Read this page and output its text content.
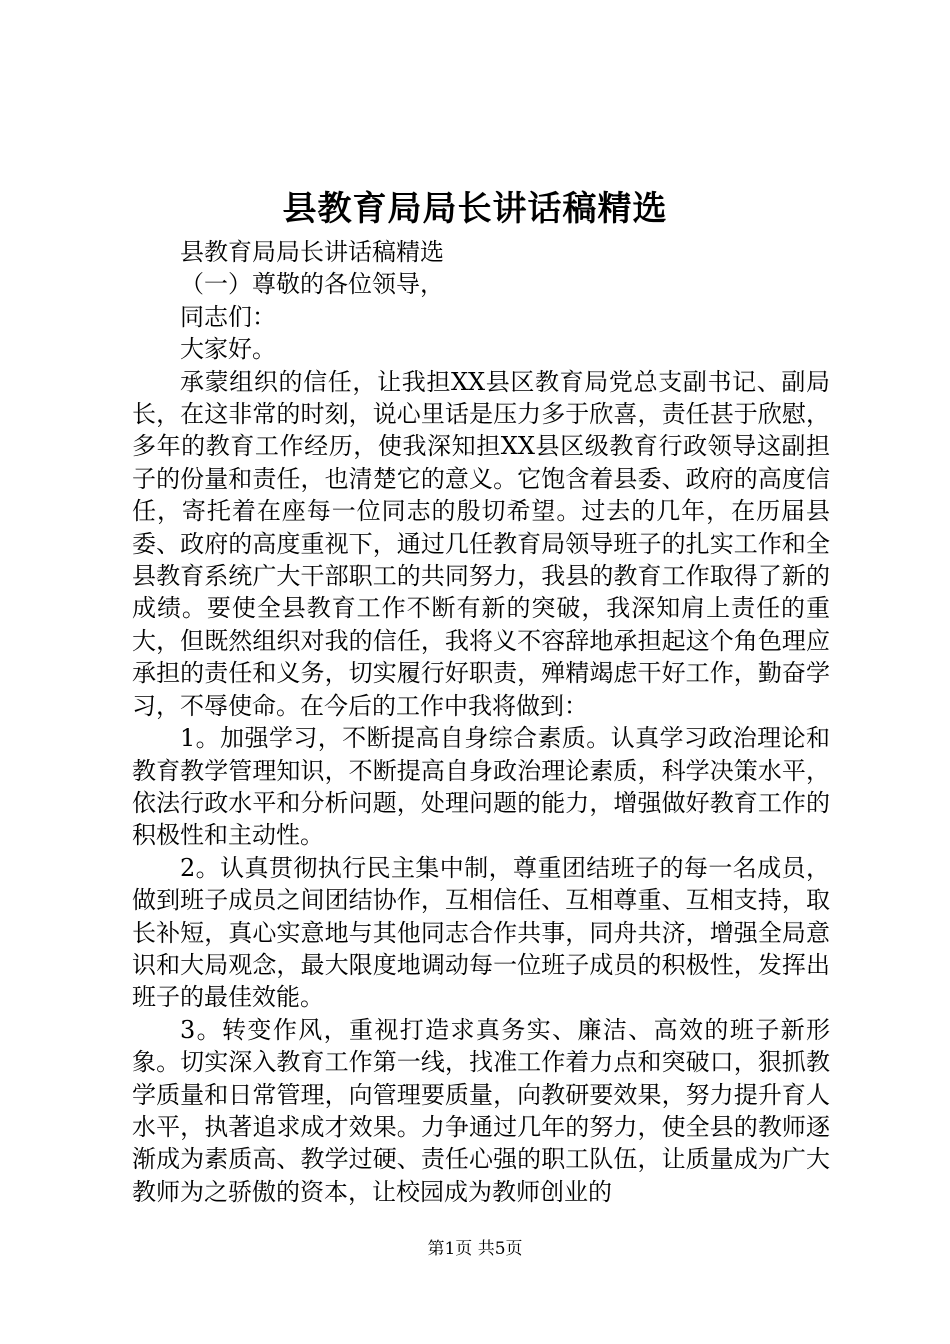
县教育局局长讲话稿精选

县教育局局长讲话稿精选

（一）尊敬的各位领导，

同志们：

大家好。

承蒙组织的信任，让我担XX县区教育局党总支副书记、副局长，在这非常的时刻，说心里话是压力多于欣喜，责任甚于欣慰，多年的教育工作经历，使我深知担XX县区级教育行政领导这副担子的份量和责任，也清楚它的意义。它饱含着县委、政府的高度信任，寄托着在座每一位同志的殷切希望。过去的几年，在历届县委、政府的高度重视下，通过几任教育局领导班子的扎实工作和全县教育系统广大干部职工的共同努力，我县的教育工作取得了新的成绩。要使全县教育工作不断有新的突破，我深知肩上责任的重大，但既然组织对我的信任，我将义不容辞地承担起这个角色理应承担的责任和义务，切实履行好职责，殚精竭虑干好工作，勤奋学习，不辱使命。在今后的工作中我将做到：

1。加强学习，不断提高自身综合素质。认真学习政治理论和教育教学管理知识，不断提高自身政治理论素质，科学决策水平，依法行政水平和分析问题，处理问题的能力，增强做好教育工作的积极性和主动性。

2。认真贯彻执行民主集中制，尊重团结班子的每一名成员，做到班子成员之间团结协作，互相信任、互相尊重、互相支持，取长补短，真心实意地与其他同志合作共事，同舟共济，增强全局意识和大局观念，最大限度地调动每一位班子成员的积极性，发挥出班子的最佳效能。

3。转变作风，重视打造求真务实、廉洁、高效的班子新形象。切实深入教育工作第一线，找准工作着力点和突破口，狠抓教学质量和日常管理，向管理要质量，向教研要效果，努力提升育人水平，执著追求成才效果。力争通过几年的努力，使全县的教师逐渐成为素质高、教学过硬、责任心强的职工队伍，让质量成为广大教师为之骄傲的资本，让校园成为教师创业的

第1页 共5页
